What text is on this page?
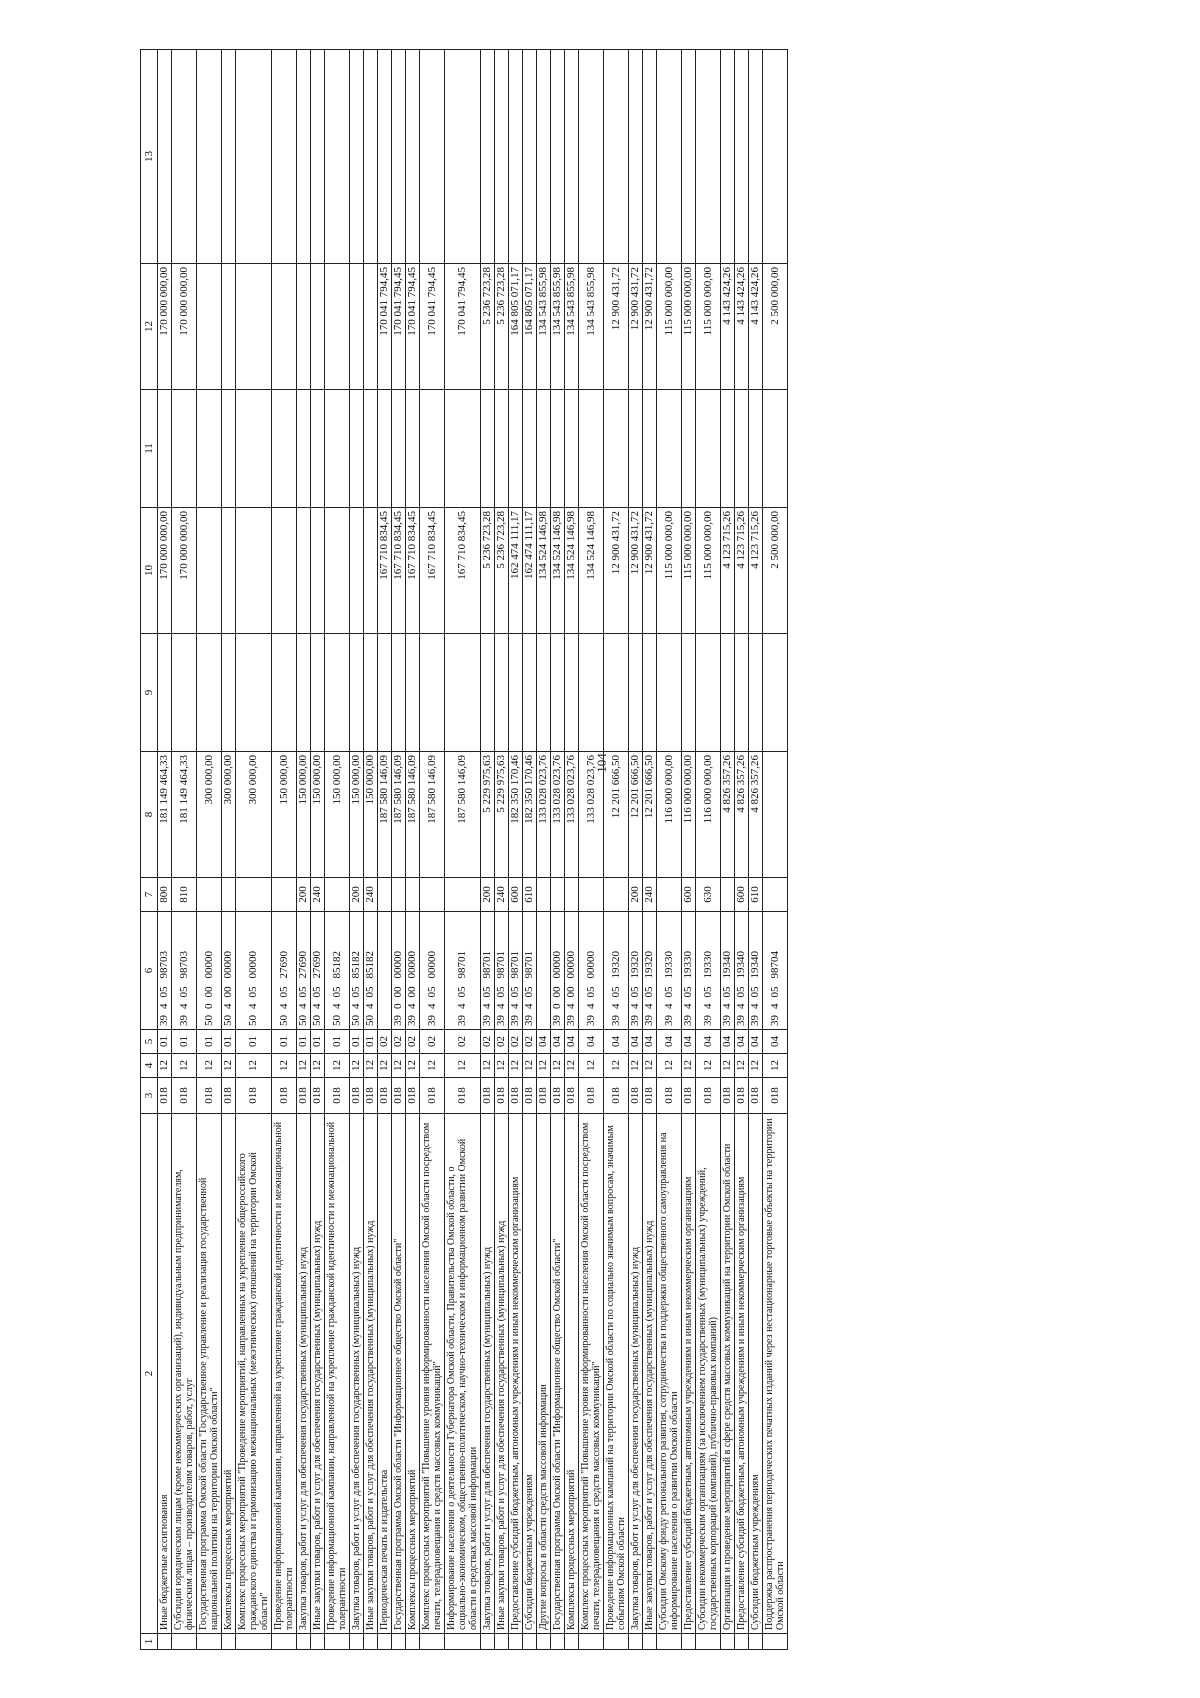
104
1	2	3	4	5	6	7	8	9	10	11	12	13
	Иные бюджетные ассигнования	018	12	01	3940598703	800	181 149 464,33		170 000 000,00		170 000 000,00	
	Субсидии юридическим лицам (кроме некоммерческих организаций), индивидуальным предпринимателям, физическим лицам – производителям товаров, работ, услуг	018	12	01	3940598703	810	181 149 464,33		170 000 000,00		170 000 000,00	
	Государственная программа Омской области "Государственное управление и реализация государственной национальной политики на территории Омской области"	018	12	01	5000000000		300 000,00					
	Комплексы процессных мероприятий	018	12	01	5040000000		300 000,00					
	Комплекс процессных мероприятий "Проведение мероприятий, направленных на укрепление общероссийского гражданского единства и гармонизацию межнациональных (межэтнических) отношений на территории Омской области"	018	12	01	5040500000		300 000,00					
	Проведение информационной кампании, направленной на укрепление гражданской идентичности и межнациональной толерантности	018	12	01	5040527690		150 000,00					
	Закупка товаров, работ и услуг для обеспечения государственных (муниципальных) нужд	018	12	01	5040527690	200	150 000,00					
	Иные закупки товаров, работ и услуг для обеспечения государственных (муниципальных) нужд	018	12	01	5040527690	240	150 000,00					
	Проведение информационной кампании, направленной на укрепление гражданской идентичности и межнациональной толерантности	018	12	01	5040585182		150 000,00					
	Закупка товаров, работ и услуг для обеспечения государственных (муниципальных) нужд	018	12	01	5040585182	200	150 000,00					
	Иные закупки товаров, работ и услуг для обеспечения государственных (муниципальных) нужд	018	12	01	5040585182	240	150 000,00					
	Периодическая печать и издательства	018	12	02			187 580 146,09		167 710 834,45		170 041 794,45	
	Государственная программа Омской области "Информационное общество Омской области"	018	12	02	3900000000		187 580 146,09		167 710 834,45		170 041 794,45	
	Комплексы процессных мероприятий	018	12	02	3940000000		187 580 146,09		167 710 834,45		170 041 794,45	
	Комплекс процессных мероприятий "Повышение уровня информированности населения Омской области посредством печати, телерадиовещания и средств массовых коммуникаций"	018	12	02	3940500000		187 580 146,09		167 710 834,45		170 041 794,45	
	Информирование населения о деятельности Губернатора Омской области, Правительства Омской области, о социально-экономическом, общественно-политическом, научно-техническом и информационном развитии Омской области в средствах массовой информации	018	12	02	3940598701		187 580 146,09		167 710 834,45		170 041 794,45	
	Закупка товаров, работ и услуг для обеспечения государственных (муниципальных) нужд	018	12	02	3940598701	200	5 229 975,63		5 236 723,28		5 236 723,28	
	Иные закупки товаров, работ и услуг для обеспечения государственных (муниципальных) нужд	018	12	02	3940598701	240	5 229 975,63		5 236 723,28		5 236 723,28	
	Предоставление субсидий бюджетным, автономным учреждениям и иным некоммерческим организациям	018	12	02	3940598701	600	182 350 170,46		162 474 111,17		164 805 071,17	
	Субсидии бюджетным учреждениям	018	12	02	3940598701	610	182 350 170,46		162 474 111,17		164 805 071,17	
	Другие вопросы в области средств массовой информации	018	12	04			133 028 023,76		134 524 146,98		134 543 855,98	
	Государственная программа Омской области "Информационное общество Омской области"	018	12	04	3900000000		133 028 023,76		134 524 146,98		134 543 855,98	
	Комплексы процессных мероприятий	018	12	04	3940000000		133 028 023,76		134 524 146,98		134 543 855,98	
	Комплекс процессных мероприятий "Повышение уровня информированности населения Омской области посредством печати, телерадиовещания и средств массовых коммуникаций"	018	12	04	3940500000		133 028 023,76		134 524 146,98		134 543 855,98	
	Проведение информационных кампаний на территории Омской области по социально значимым вопросам, значимым событиям Омской области	018	12	04	3940519320		12 201 666,50		12 900 431,72		12 900 431,72	
	Закупка товаров, работ и услуг для обеспечения государственных (муниципальных) нужд	018	12	04	3940519320	200	12 201 666,50		12 900 431,72		12 900 431,72	
	Иные закупки товаров, работ и услуг для обеспечения государственных (муниципальных) нужд	018	12	04	3940519320	240	12 201 666,50		12 900 431,72		12 900 431,72	
	Субсидии Омскому фонду регионального развития, сотрудничества и поддержки общественного самоуправления на информирование населения о развитии Омской области	018	12	04	3940519330		116 000 000,00		115 000 000,00		115 000 000,00	
	Предоставление субсидий бюджетным, автономным учреждениям и иным некоммерческим организациям	018	12	04	3940519330	600	116 000 000,00		115 000 000,00		115 000 000,00	
	Субсидии некоммерческим организациям (за исключением государственных (муниципальных) учреждений, государственных корпораций (компаний), публично-правовых компаний)	018	12	04	3940519330	630	116 000 000,00		115 000 000,00		115 000 000,00	
	Организация и проведение мероприятий в сфере средств массовых коммуникаций на территории Омской области	018	12	04	3940519340		4 826 357,26		4 123 715,26		4 143 424,26	
	Предоставление субсидий бюджетным, автономным учреждениям и иным некоммерческим организациям	018	12	04	3940519340	600	4 826 357,26		4 123 715,26		4 143 424,26	
	Субсидии бюджетным учреждениям	018	12	04	3940519340	610	4 826 357,26		4 123 715,26		4 143 424,26	
	Поддержка распространения периодических печатных изданий через нестационарные торговые объекты на территории Омской области	018	12	04	3940598704				2 500 000,00		2 500 000,00	
